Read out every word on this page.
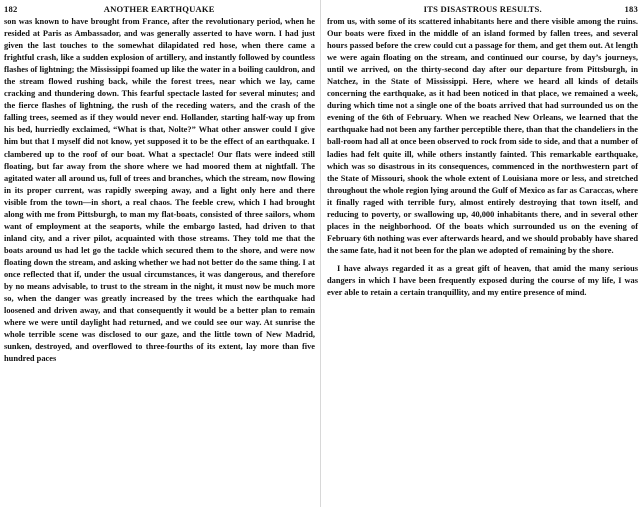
182	ANOTHER EARTHQUAKE

son was known to have brought from France, after the revolutionary period, when he resided at Paris as Ambassador, and was generally asserted to have worn. I had just given the last touches to the somewhat dilapidated red hose, when there came a frightful crash, like a sudden explosion of artillery, and instantly followed by countless flashes of lightning; the Mississippi foamed up like the water in a boiling cauldron, and the stream flowed rushing back, while the forest trees, near which we lay, came cracking and thundering down. This fearful spectacle lasted for several minutes; and the fierce flashes of lightning, the rush of the receding waters, and the crash of the falling trees, seemed as if they would never end. Hollander, starting half-way up from his bed, hurriedly exclaimed, “What is that, Nolte?” What other answer could I give him but that I myself did not know, yet supposed it to be the effect of an earthquake. I clambered up to the roof of our boat. What a spectacle! Our flats were indeed still floating, but far away from the shore where we had moored them at nightfall. The agitated water all around us, full of trees and branches, which the stream, now flowing in its proper current, was rapidly sweeping away, and a light only here and there visible from the town—in short, a real chaos. The feeble crew, which I had brought along with me from Pittsburgh, to man my flat-boats, consisted of three sailors, whom want of employment at the seaports, while the embargo lasted, had driven to that inland city, and a river pilot, acquainted with those streams. They told me that the boats around us had let go the tackle which secured them to the shore, and were now floating down the stream, and asking whether we had not better do the same thing. I at once reflected that if, under the usual circumstances, it was dangerous, and therefore by no means advisable, to trust to the stream in the night, it must now be much more so, when the danger was greatly increased by the trees which the earthquake had loosened and driven away, and that consequently it would be a better plan to remain where we were until daylight had returned, and we could see our way. At sunrise the whole terrible scene was disclosed to our gaze, and the little town of New Madrid, sunken, destroyed, and overflowed to three-fourths of its extent, lay more than five hundred paces

ITS DISASTROUS RESULTS.	183

from us, with some of its scattered inhabitants here and there visible among the ruins. Our boats were fixed in the middle of an island formed by fallen trees, and several hours passed before the crew could cut a passage for them, and get them out. At length we were again floating on the stream, and continued our course, by day’s journeys, until we arrived, on the thirty-second day after our departure from Pittsburgh, in Natchez, in the State of Mississippi. Here, where we heard all kinds of details concerning the earthquake, as it had been noticed in that place, we remained a week, during which time not a single one of the boats arrived that had surrounded us on the evening of the 6th of February. When we reached New Orleans, we learned that the earthquake had not been any farther perceptible there, than that the chandeliers in the ball-room had all at once been observed to rock from side to side, and that a number of ladies had felt quite ill, while others instantly fainted. This remarkable earthquake, which was so disastrous in its consequences, commenced in the northwestern part of the State of Missouri, shook the whole extent of Louisiana more or less, and stretched throughout the whole region lying around the Gulf of Mexico as far as Caraccas, where it finally raged with terrible fury, almost entirely destroying that town itself, and reducing to poverty, or swallowing up, 40,000 inhabitants there, and in several other places in the neighborhood. Of the boats which surrounded us on the evening of February 6th nothing was ever afterwards heard, and we should probably have shared the same fate, had it not been for the plan we adopted of remaining by the shore.

I have always regarded it as a great gift of heaven, that amid the many serious dangers in which I have been frequently exposed during the course of my life, I was ever able to retain a certain tranquillity, and my entire presence of mind.
